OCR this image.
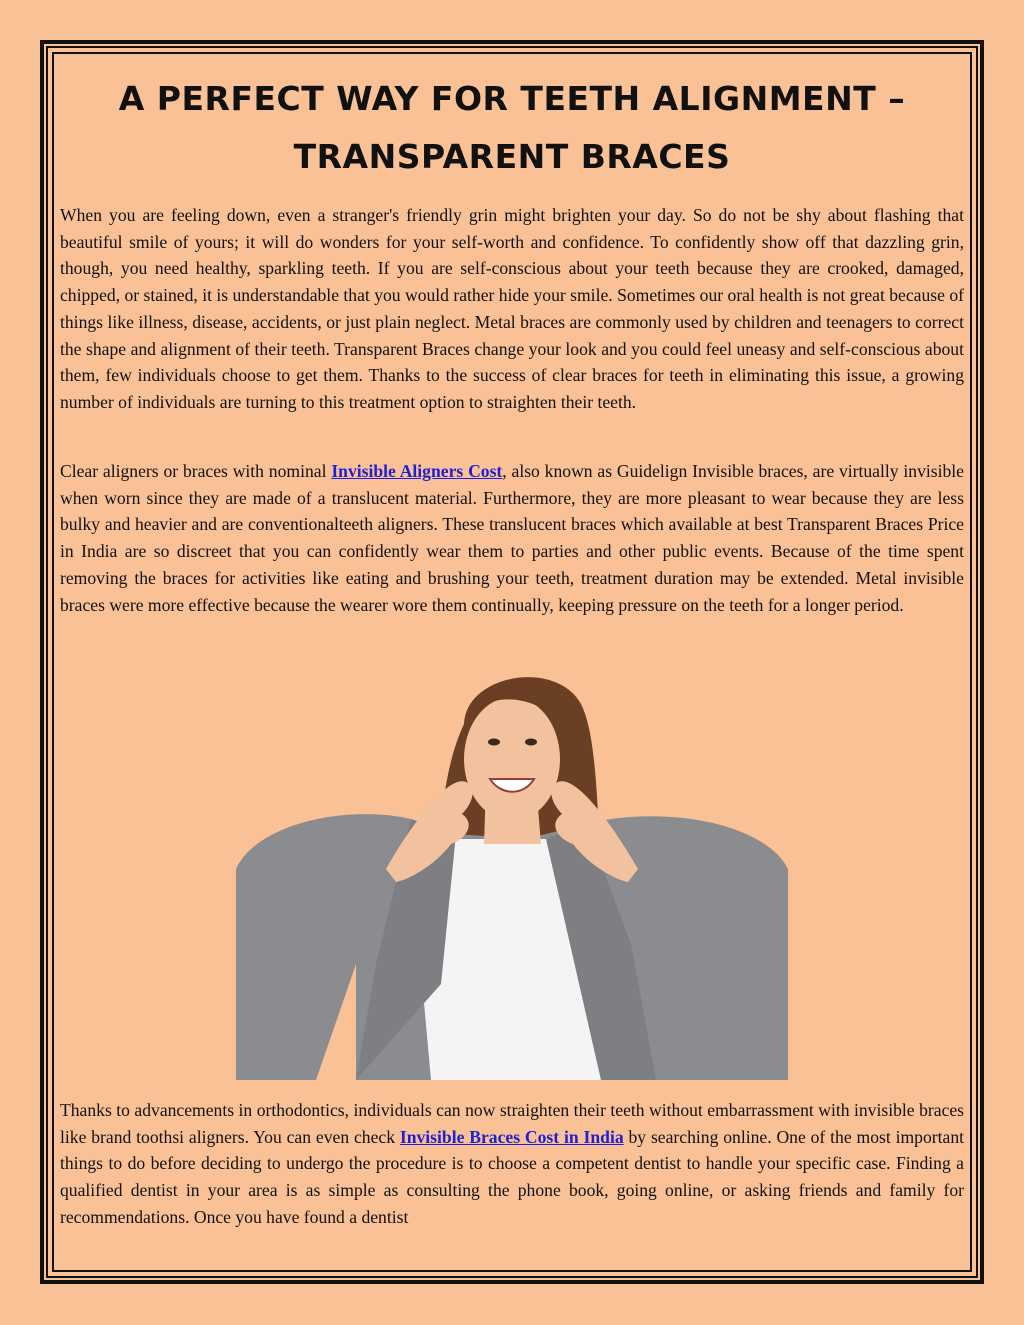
A PERFECT WAY FOR TEETH ALIGNMENT –
TRANSPARENT BRACES

When you are feeling down, even a stranger's friendly grin might brighten your day. So do not be shy about flashing that beautiful smile of yours; it will do wonders for your self-worth and confidence. To confidently show off that dazzling grin, though, you need healthy, sparkling teeth. If you are self-conscious about your teeth because they are crooked, damaged, chipped, or stained, it is understandable that you would rather hide your smile. Sometimes our oral health is not great because of things like illness, disease, accidents, or just plain neglect. Metal braces are commonly used by children and teenagers to correct the shape and alignment of their teeth. Transparent Braces change your look and you could feel uneasy and self-conscious about them, few individuals choose to get them. Thanks to the success of clear braces for teeth in eliminating this issue, a growing number of individuals are turning to this treatment option to straighten their teeth.

Clear aligners or braces with nominal Invisible Aligners Cost, also known as Guidelign Invisible braces, are virtually invisible when worn since they are made of a translucent material. Furthermore, they are more pleasant to wear because they are less bulky and heavier and are conventionalteeth aligners. These translucent braces which available at best Transparent Braces Price in India are so discreet that you can confidently wear them to parties and other public events. Because of the time spent removing the braces for activities like eating and brushing your teeth, treatment duration may be extended. Metal invisible braces were more effective because the wearer wore them continually, keeping pressure on the teeth for a longer period.

Thanks to advancements in orthodontics, individuals can now straighten their teeth without embarrassment with invisible braces like brand toothsi aligners. You can even check Invisible Braces Cost in India by searching online. One of the most important things to do before deciding to undergo the procedure is to choose a competent dentist to handle your specific case. Finding a qualified dentist in your area is as simple as consulting the phone book, going online, or asking friends and family for recommendations. Once you have found a dentist
